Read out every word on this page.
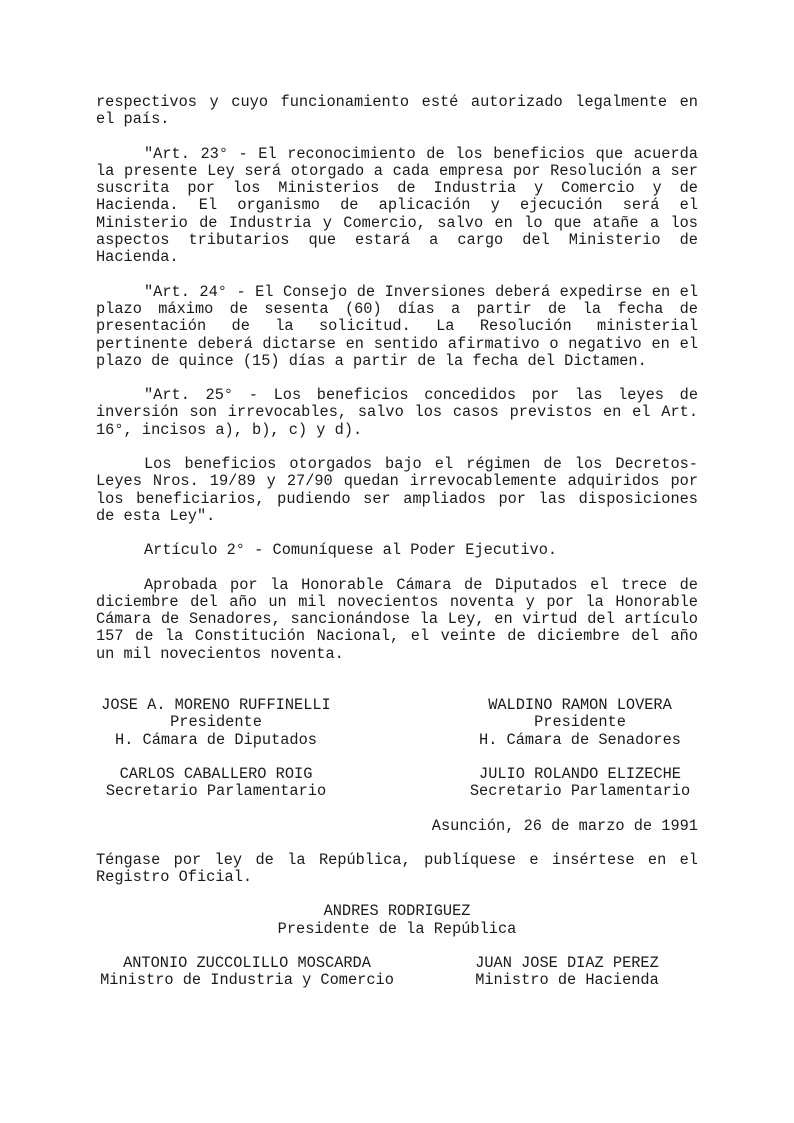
respectivos y cuyo funcionamiento esté autorizado legalmente en el país.

"Art. 23° - El reconocimiento de los beneficios que acuerda la presente Ley será otorgado a cada empresa por Resolución a ser suscrita por los Ministerios de Industria y Comercio y de Hacienda. El organismo de aplicación y ejecución será el Ministerio de Industria y Comercio, salvo en lo que atañe a los aspectos tributarios que estará a cargo del Ministerio de Hacienda.

"Art. 24° - El Consejo de Inversiones deberá expedirse en el plazo máximo de sesenta (60) días a partir de la fecha de presentación de la solicitud. La Resolución ministerial pertinente deberá dictarse en sentido afirmativo o negativo en el plazo de quince (15) días a partir de la fecha del Dictamen.

"Art. 25° - Los beneficios concedidos por las leyes de inversión son irrevocables, salvo los casos previstos en el Art. 16°, incisos a), b), c) y d).

Los beneficios otorgados bajo el régimen de los Decretos-Leyes Nros. 19/89 y 27/90 quedan irrevocablemente adquiridos por los beneficiarios, pudiendo ser ampliados por las disposiciones de esta Ley".

Artículo 2° - Comuníquese al Poder Ejecutivo.

Aprobada por la Honorable Cámara de Diputados el trece de diciembre del año un mil novecientos noventa y por la Honorable Cámara de Senadores, sancionándose la Ley, en virtud del artículo 157 de la Constitución Nacional, el veinte de diciembre del año un mil novecientos noventa.

JOSE A. MORENO RUFFINELLI
Presidente
H. Cámara de Diputados
WALDINO RAMON LOVERA
Presidente
H. Cámara de Senadores
CARLOS CABALLERO ROIG
Secretario Parlamentario
JULIO ROLANDO ELIZECHE
Secretario Parlamentario
Asunción, 26 de marzo de 1991

Téngase por ley de la República, publíquese e insértese en el Registro Oficial.

ANDRES RODRIGUEZ
Presidente de la República
ANTONIO ZUCCOLILLO MOSCARDA
Ministro de Industria y Comercio
JUAN JOSE DIAZ PEREZ
Ministro de Hacienda
